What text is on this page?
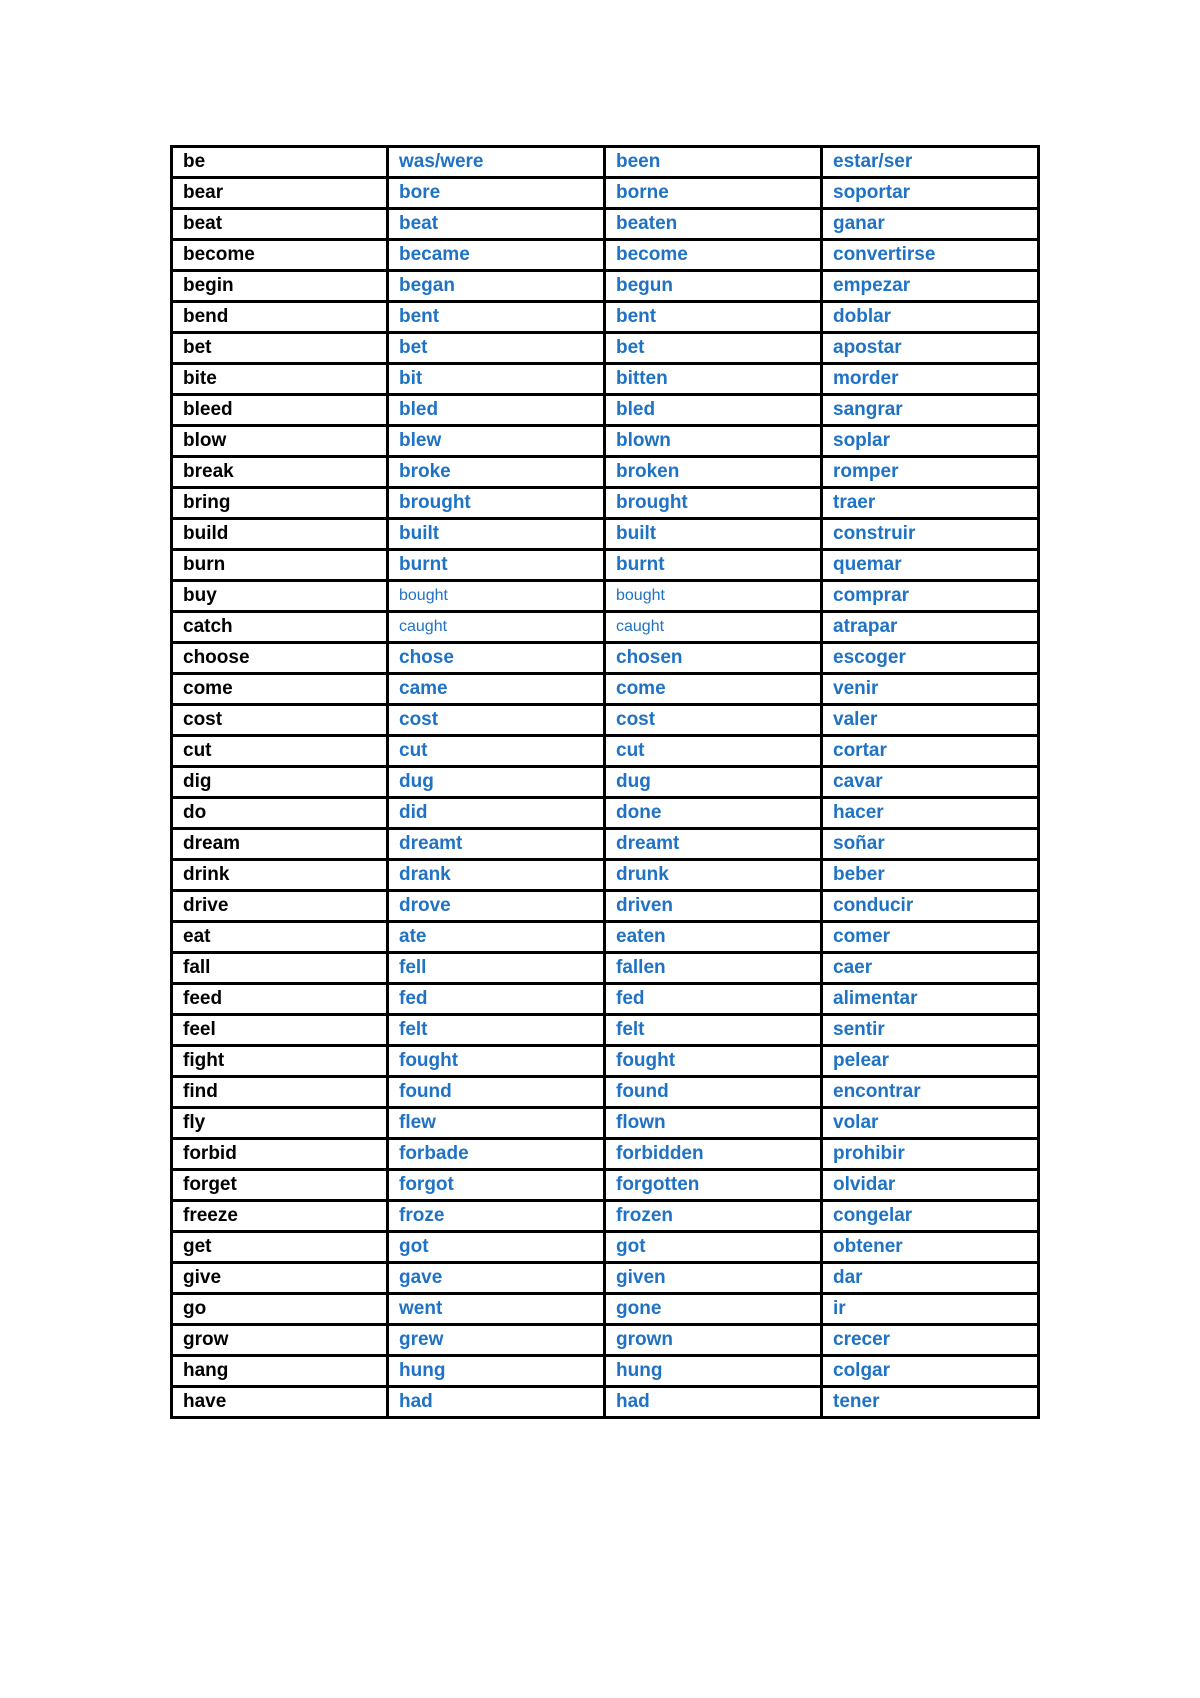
be	was/were	been	estar/ser
bear	bore	borne	soportar
beat	beat	beaten	ganar
become	became	become	convertirse
begin	began	begun	empezar
bend	bent	bent	doblar
bet	bet	bet	apostar
bite	bit	bitten	morder
bleed	bled	bled	sangrar
blow	blew	blown	soplar
break	broke	broken	romper
bring	brought	brought	traer
build	built	built	construir
burn	burnt	burnt	quemar
buy	bought	bought	comprar
catch	caught	caught	atrapar
choose	chose	chosen	escoger
come	came	come	venir
cost	cost	cost	valer
cut	cut	cut	cortar
dig	dug	dug	cavar
do	did	done	hacer
dream	dreamt	dreamt	soñar
drink	drank	drunk	beber
drive	drove	driven	conducir
eat	ate	eaten	comer
fall	fell	fallen	caer
feed	fed	fed	alimentar
feel	felt	felt	sentir
fight	fought	fought	pelear
find	found	found	encontrar
fly	flew	flown	volar
forbid	forbade	forbidden	prohibir
forget	forgot	forgotten	olvidar
freeze	froze	frozen	congelar
get	got	got	obtener
give	gave	given	dar
go	went	gone	ir
grow	grew	grown	crecer
hang	hung	hung	colgar
have	had	had	tener
